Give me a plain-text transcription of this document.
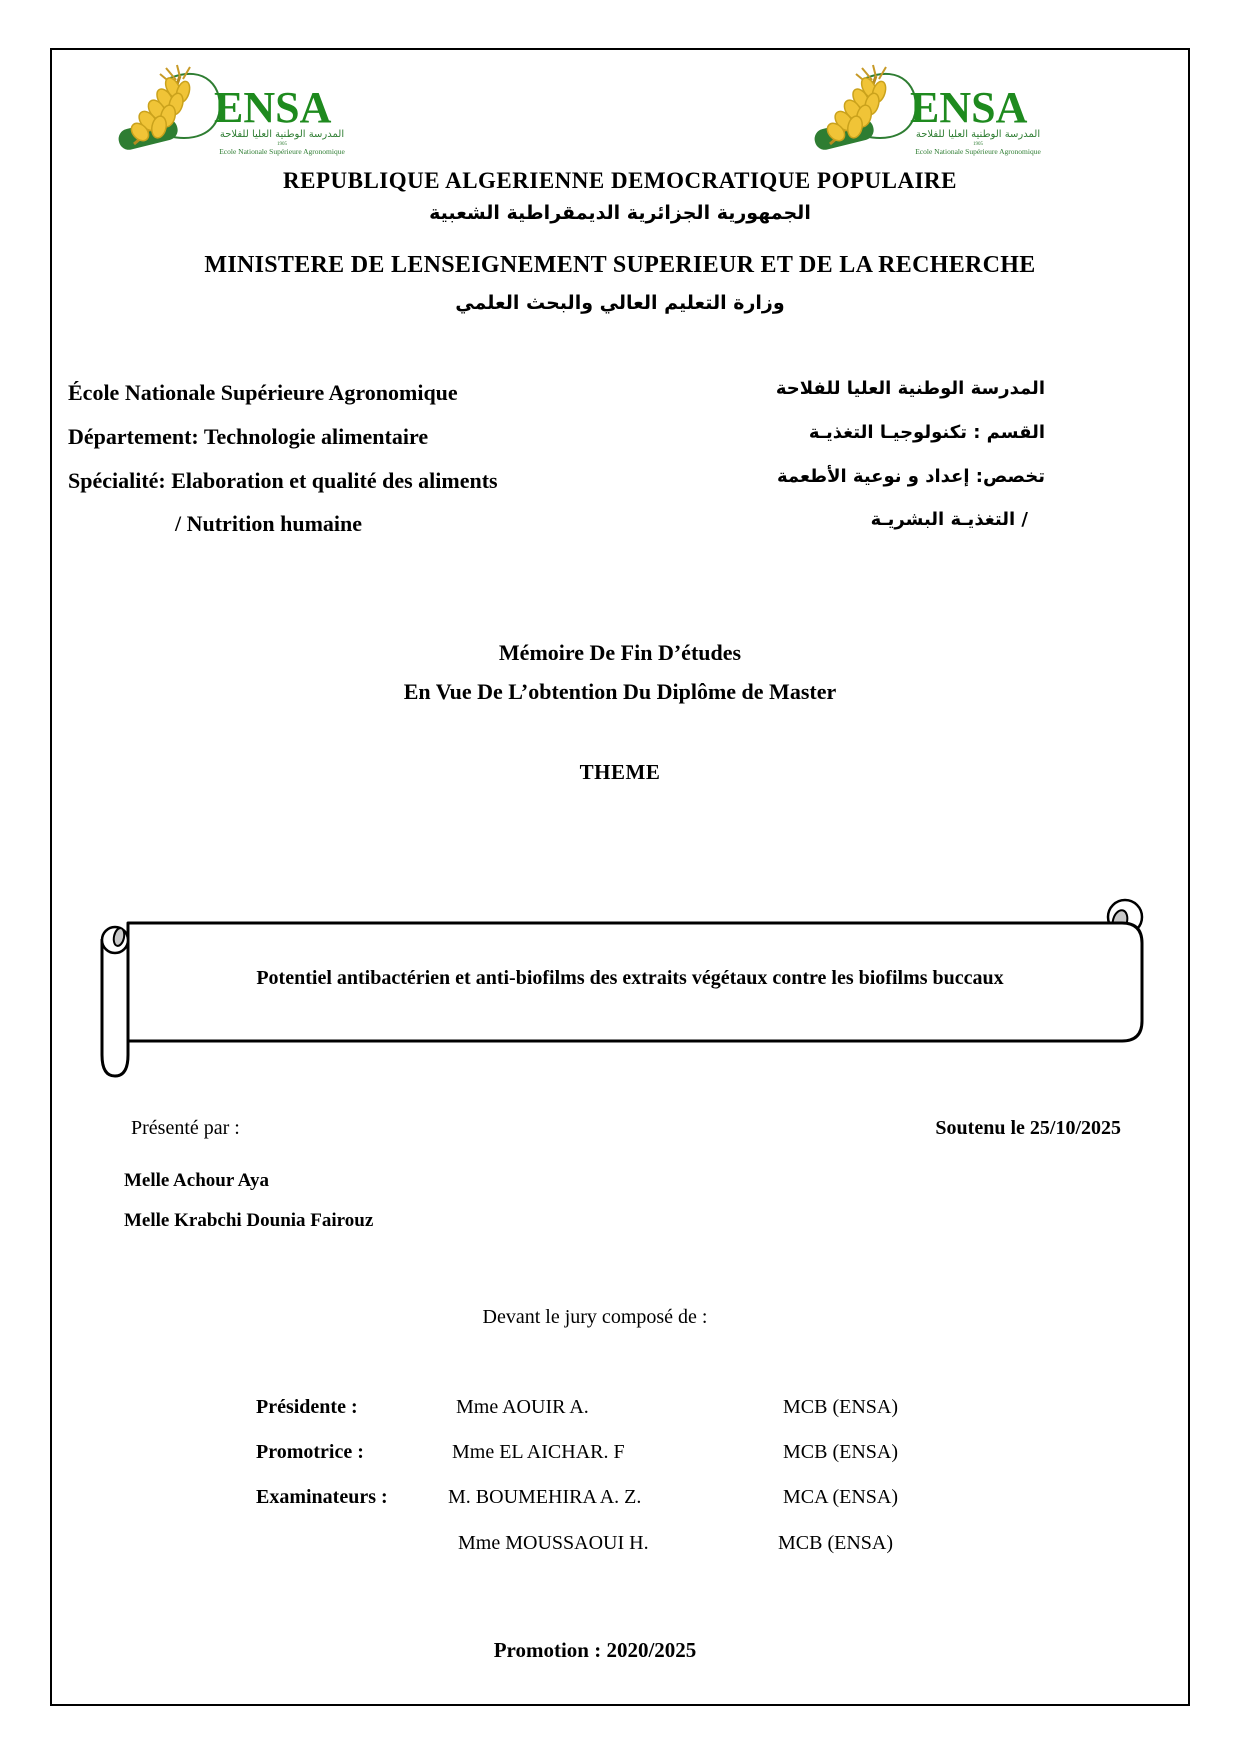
ENSA
المدرسة الوطنية العليا للفلاحة
1905
Ecole Nationale Supérieure Agronomique
ENSA
المدرسة الوطنية العليا للفلاحة
1905
Ecole Nationale Supérieure Agronomique
REPUBLIQUE ALGERIENNE DEMOCRATIQUE POPULAIRE
الجمهورية الجزائرية الديمقراطية الشعبية
MINISTERE DE LENSEIGNEMENT SUPERIEUR ET DE LA RECHERCHE
وزارة التعليم العالي والبحث العلمي
École Nationale Supérieure Agronomique
Département: Technologie alimentaire
Spécialité: Elaboration et qualité des aliments
/ Nutrition humaine
المدرسة الوطنية العليا للفلاحة
القسم : تكنولوجيـا التغذيـة
تخصص: إعداد و نوعية الأطعمة
/ التغذيـة البشريـة
Mémoire De Fin D’études
En Vue De L’obtention Du Diplôme de Master
THEME
Potentiel antibactérien et anti-biofilms des extraits végétaux contre les biofilms buccaux
Présenté par :	Soutenu le 25/10/2025
Melle Achour Aya
Melle Krabchi Dounia Fairouz
Devant le jury composé de :
Présidente :	Mme AOUIR A.	MCB (ENSA)
Promotrice :	Mme EL AICHAR. F	MCB (ENSA)
Examinateurs :	M. BOUMEHIRA A. Z.	MCA (ENSA)
Mme MOUSSAOUI H.	MCB (ENSA)
Promotion : 2020/2025
